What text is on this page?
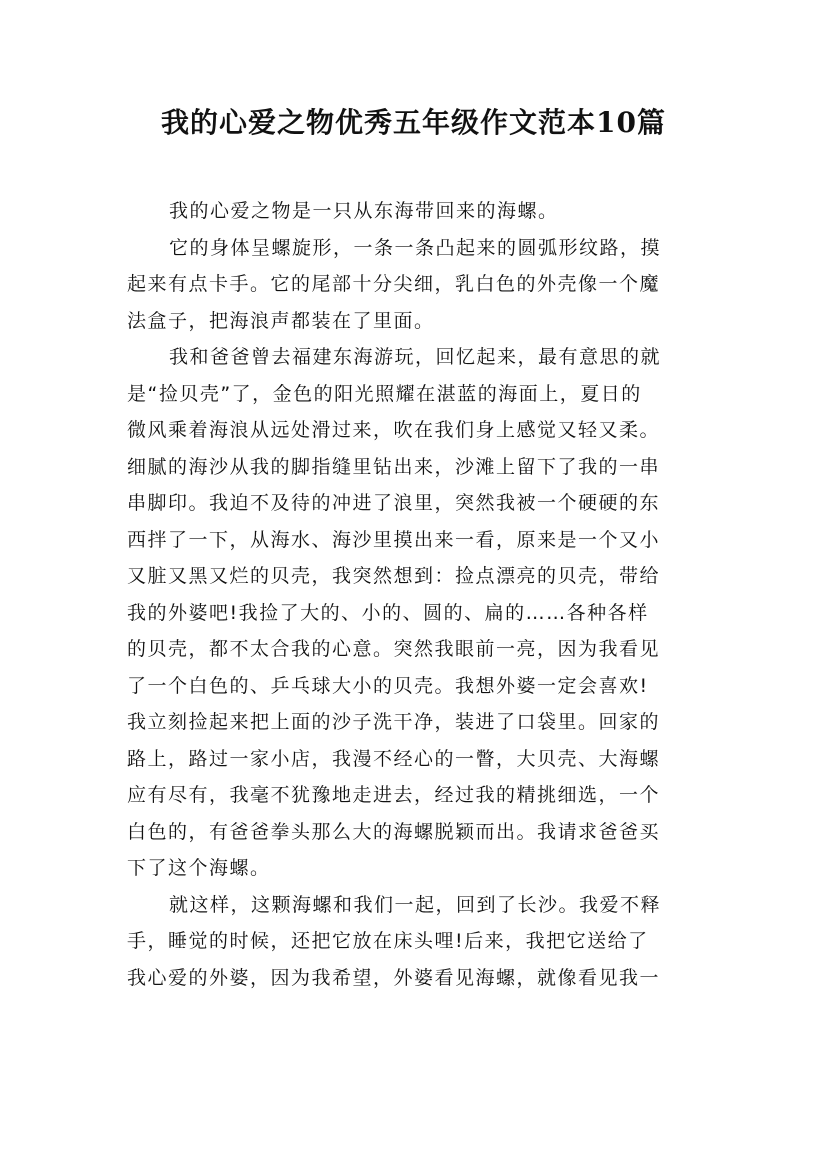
我的心爱之物优秀五年级作文范本10篇
我的心爱之物是一只从东海带回来的海螺。
它的身体呈螺旋形，一条一条凸起来的圆弧形纹路，摸
起来有点卡手。它的尾部十分尖细，乳白色的外壳像一个魔
法盒子，把海浪声都装在了里面。
我和爸爸曾去福建东海游玩，回忆起来，最有意思的就
是“捡贝壳”了，金色的阳光照耀在湛蓝的海面上，夏日的
微风乘着海浪从远处滑过来，吹在我们身上感觉又轻又柔。
细腻的海沙从我的脚指缝里钻出来，沙滩上留下了我的一串
串脚印。我迫不及待的冲进了浪里，突然我被一个硬硬的东
西拌了一下，从海水、海沙里摸出来一看，原来是一个又小
又脏又黑又烂的贝壳，我突然想到：捡点漂亮的贝壳，带给
我的外婆吧!我捡了大的、小的、圆的、扁的……各种各样
的贝壳，都不太合我的心意。突然我眼前一亮，因为我看见
了一个白色的、乒乓球大小的贝壳。我想外婆一定会喜欢!
我立刻捡起来把上面的沙子洗干净，装进了口袋里。回家的
路上，路过一家小店，我漫不经心的一瞥，大贝壳、大海螺
应有尽有，我毫不犹豫地走进去，经过我的精挑细选，一个
白色的，有爸爸拳头那么大的海螺脱颖而出。我请求爸爸买
下了这个海螺。
就这样，这颗海螺和我们一起，回到了长沙。我爱不释
手，睡觉的时候，还把它放在床头哩!后来，我把它送给了
我心爱的外婆，因为我希望，外婆看见海螺，就像看见我一
